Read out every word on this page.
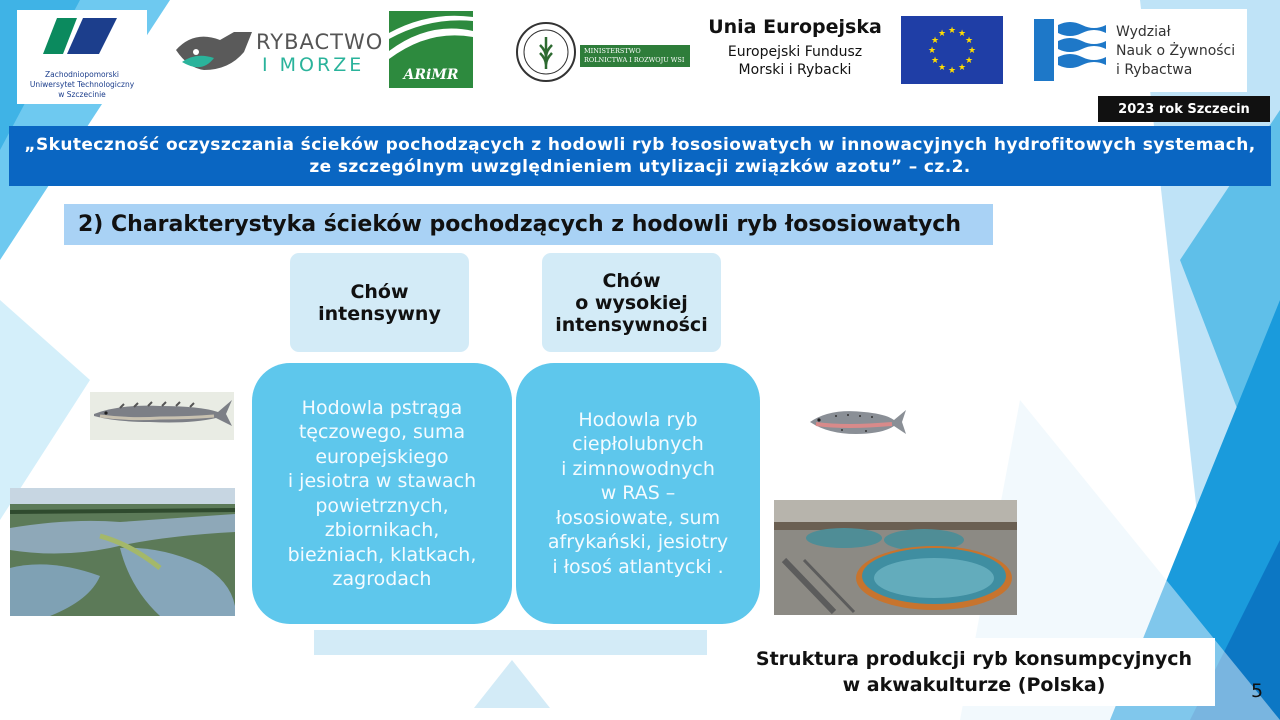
Zachodniopomorski
Uniwersytet Technologiczny
w Szczecinie
RYBACTWO
I MORZE	ARiMR
MINISTERSTWO
ROLNICTWA I ROZWOJU WSI
Unia Europejska
Europejski Fundusz
Morski i Rybacki
★ ★
★
★
★
★
★
★
★
★
★
★	Wydział
Nauk o Żywności
i Rybactwa
2023 rok Szczecin
„Skuteczność oczyszczania ścieków pochodzących z hodowli ryb łososiowatych w innowacyjnych hydrofitowych systemach,
ze szczególnym uwzględnieniem utylizacji związków azotu” – cz.2.
2) Charakterystyka ścieków pochodzących z hodowli ryb łososiowatych
Chów
intensywny
Chów
o wysokiej
intensywności
Hodowla pstrąga
tęczowego, suma
europejskiego
i jesiotra w stawach
powietrznych,
zbiornikach,
bieżniach, klatkach,
zagrodach
Hodowla ryb
ciepłolubnych
i zimnowodnych
w RAS –
łososiowate, sum
afrykański, jesiotry
i łosoś atlantycki .
Struktura produkcji ryb konsumpcyjnych
w akwakulturze (Polska)	5
